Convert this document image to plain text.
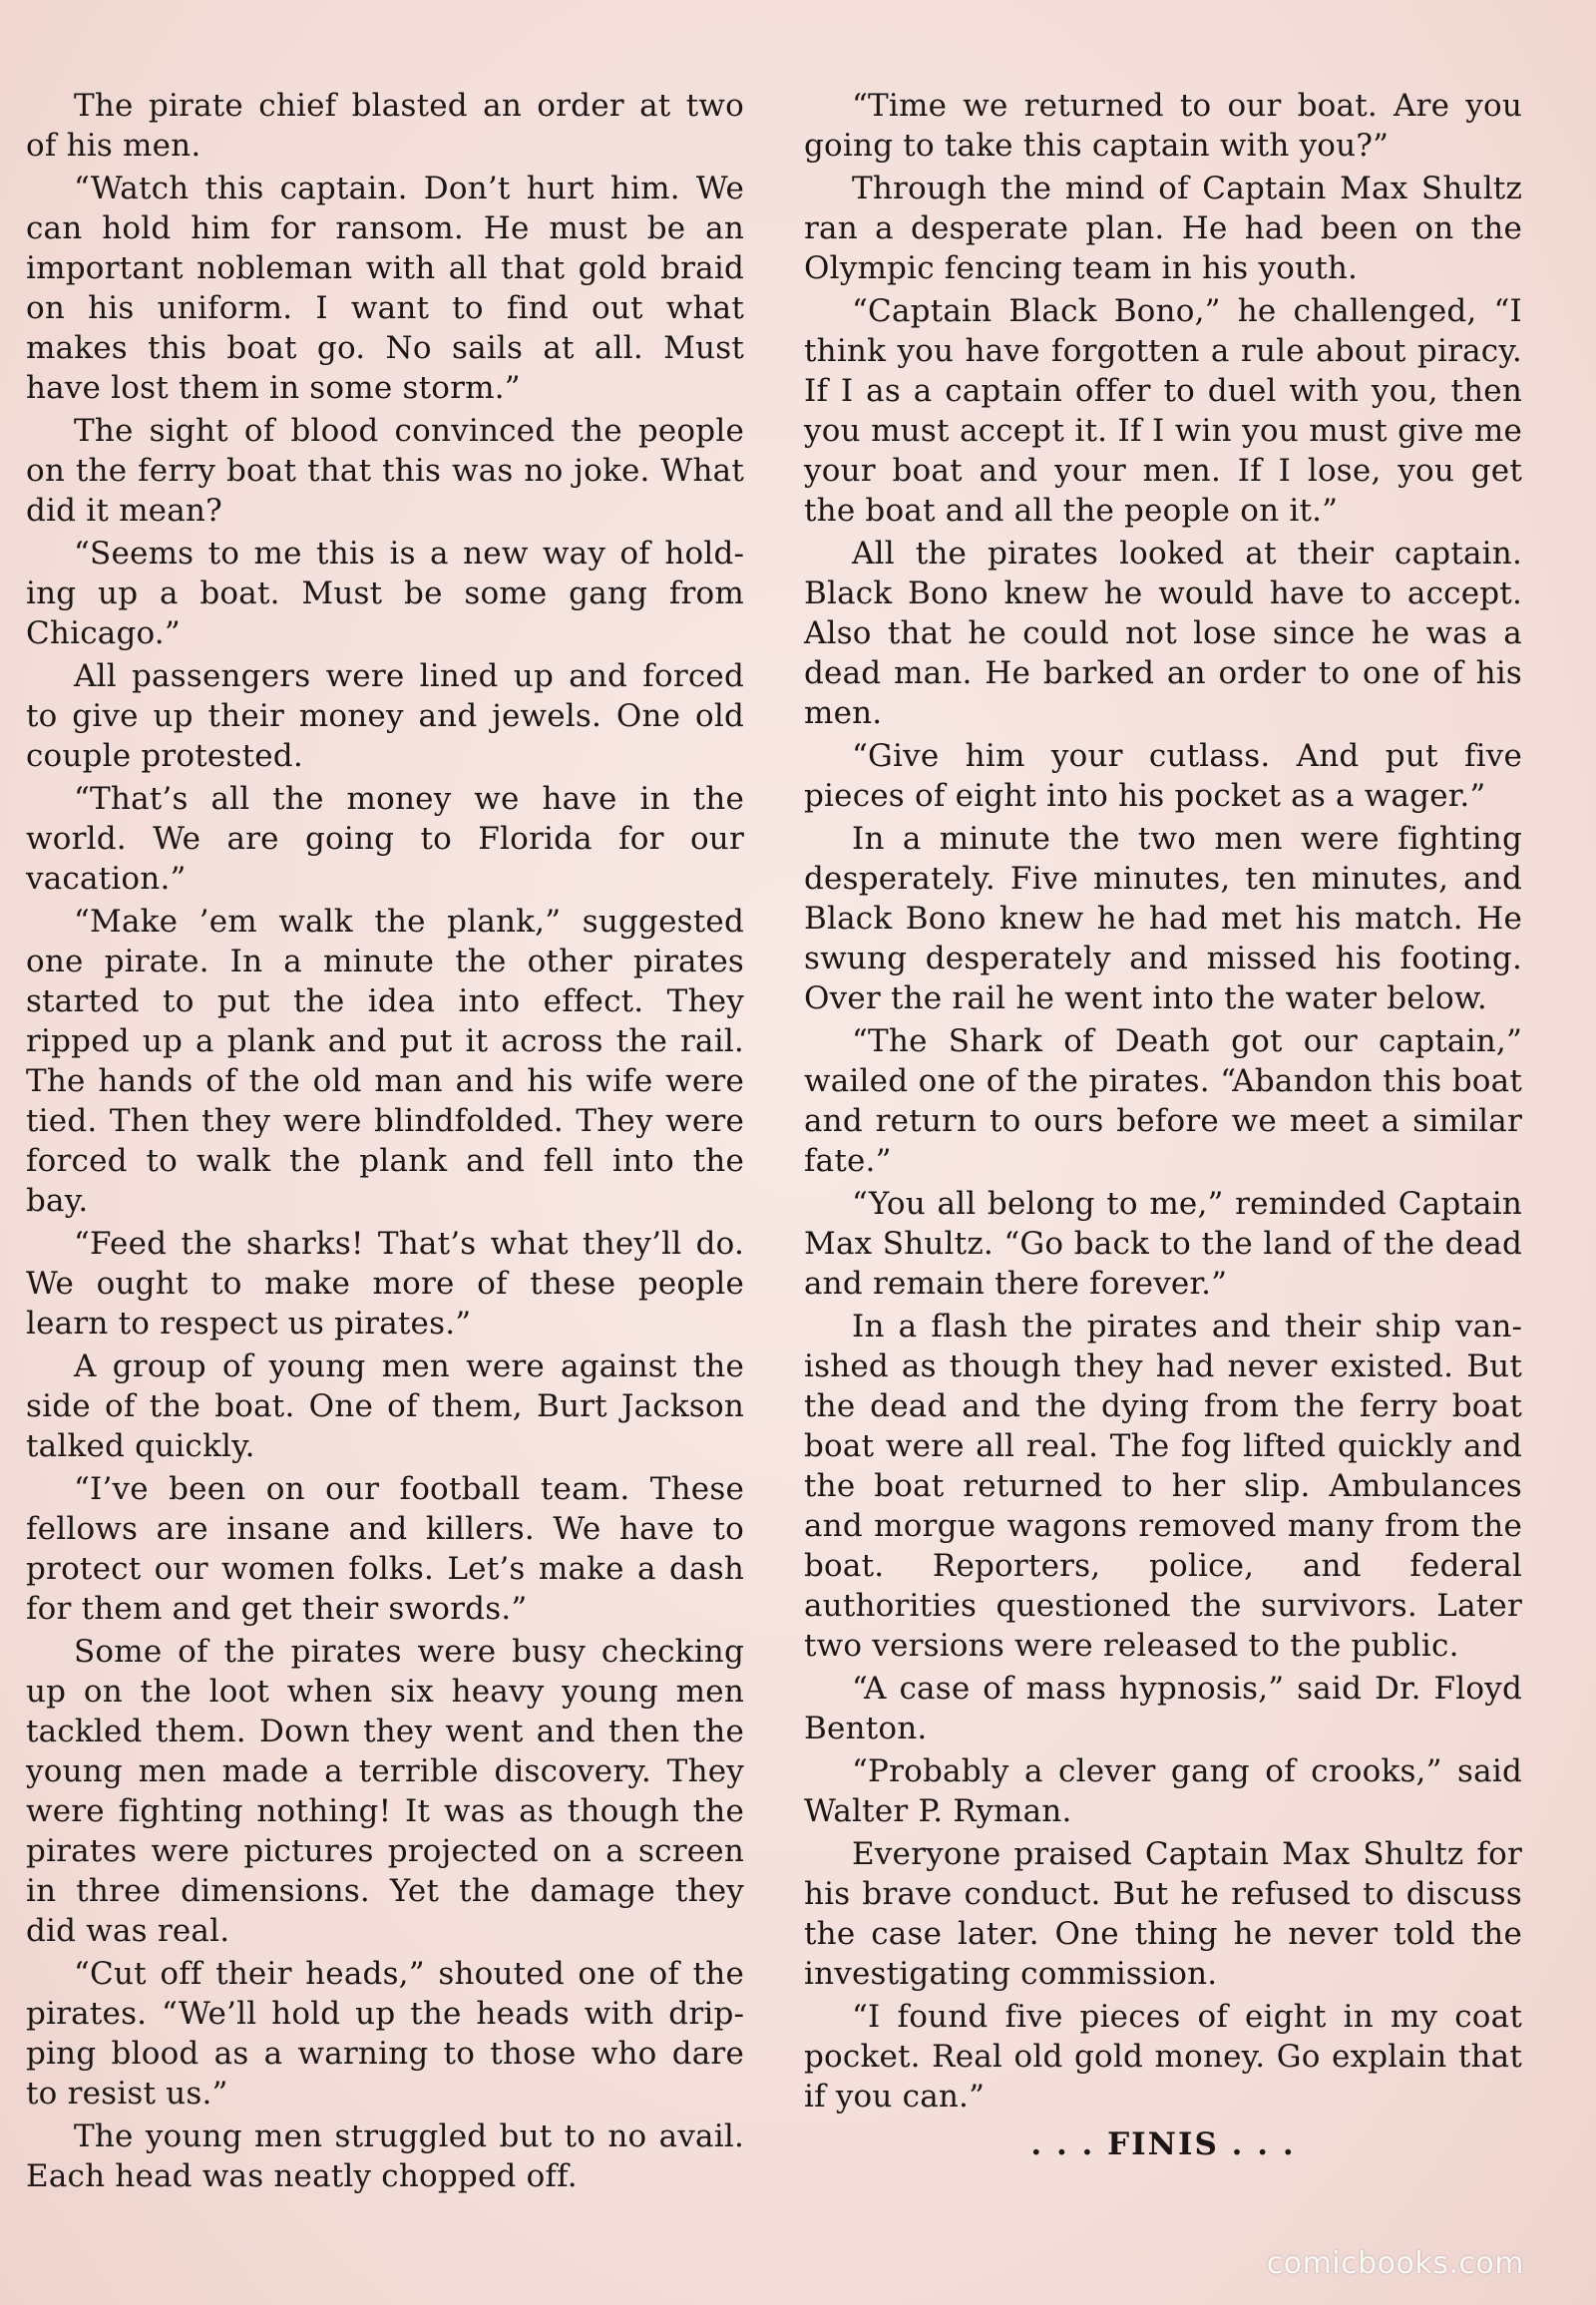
The pirate chief blasted an order at two of his men.

“Watch this captain. Don’t hurt him. We can hold him for ransom. He must be an important nobleman with all that gold braid on his uniform. I want to find out what makes this boat go. No sails at all. Must have lost them in some storm.”

The sight of blood convinced the people on the ferry boat that this was no joke. What did it mean?

“Seems to me this is a new way of holding up a boat. Must be some gang from Chicago.”

All passengers were lined up and forced to give up their money and jewels. One old couple protested.

“That’s all the money we have in the world. We are going to Florida for our vacation.”

“Make ’em walk the plank,” suggested one pirate. In a minute the other pirates started to put the idea into effect. They ripped up a plank and put it across the rail. The hands of the old man and his wife were tied. Then they were blindfolded. They were forced to walk the plank and fell into the bay.

“Feed the sharks! That’s what they’ll do. We ought to make more of these people learn to respect us pirates.”

A group of young men were against the side of the boat. One of them, Burt Jackson talked quickly.

“I’ve been on our football team. These fellows are insane and killers. We have to protect our women folks. Let’s make a dash for them and get their swords.”

Some of the pirates were busy checking up on the loot when six heavy young men tackled them. Down they went and then the young men made a terrible discovery. They were fighting nothing! It was as though the pirates were pictures projected on a screen in three dimensions. Yet the damage they did was real.

“Cut off their heads,” shouted one of the pirates. “We’ll hold up the heads with dripping blood as a warning to those who dare to resist us.”

The young men struggled but to no avail. Each head was neatly chopped off.

“Time we returned to our boat. Are you going to take this captain with you?”

Through the mind of Captain Max Shultz ran a desperate plan. He had been on the Olympic fencing team in his youth.

“Captain Black Bono,” he challenged, “I think you have forgotten a rule about piracy. If I as a captain offer to duel with you, then you must accept it. If I win you must give me your boat and your men. If I lose, you get the boat and all the people on it.”

All the pirates looked at their captain. Black Bono knew he would have to accept. Also that he could not lose since he was a dead man. He barked an order to one of his men.

“Give him your cutlass. And put five pieces of eight into his pocket as a wager.”

In a minute the two men were fighting desperately. Five minutes, ten minutes, and Black Bono knew he had met his match. He swung desperately and missed his footing. Over the rail he went into the water below.

“The Shark of Death got our captain,” wailed one of the pirates. “Abandon this boat and return to ours before we meet a similar fate.”

“You all belong to me,” reminded Captain Max Shultz. “Go back to the land of the dead and remain there forever.”

In a flash the pirates and their ship vanished as though they had never existed. But the dead and the dying from the ferry boat boat were all real. The fog lifted quickly and the boat returned to her slip. Ambulances and morgue wagons removed many from the boat. Reporters, police, and federal authorities questioned the survivors. Later two versions were released to the public.

“A case of mass hypnosis,” said Dr. Floyd Benton.

“Probably a clever gang of crooks,” said Walter P. Ryman.

Everyone praised Captain Max Shultz for his brave conduct. But he refused to discuss the case later. One thing he never told the investigating commission.

“I found five pieces of eight in my coat pocket. Real old gold money. Go explain that if you can.”

. . . FINIS . . .

comicbooks.com
